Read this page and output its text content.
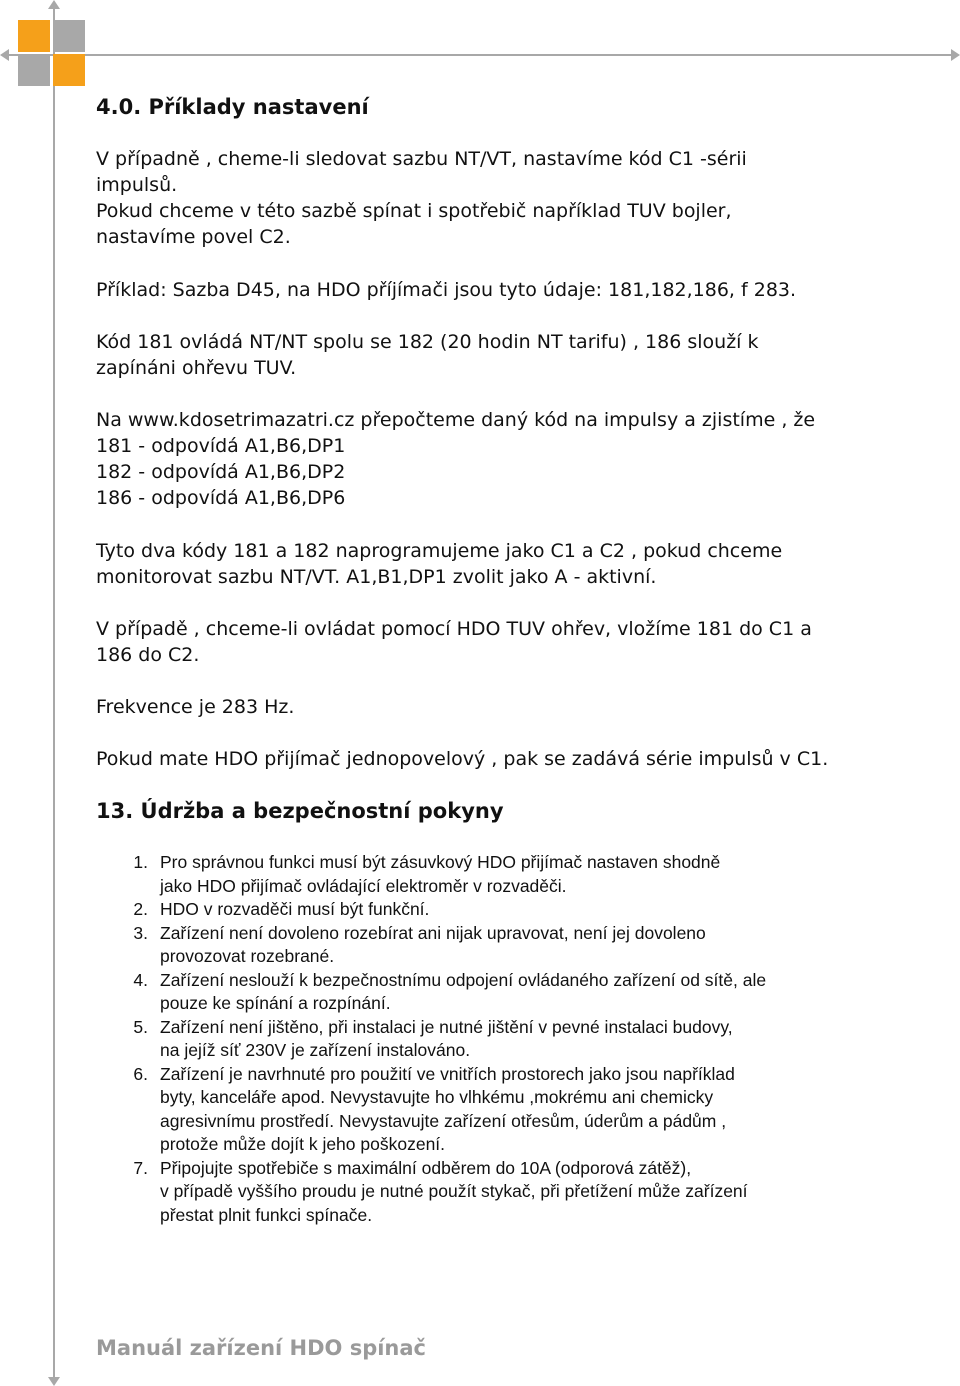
4.0. Příklady nastavení
V případně , cheme-li sledovat sazbu NT/VT, nastavíme kód C1 -sérii
impulsů.
Pokud chceme v této sazbě spínat i spotřebič například TUV bojler,
nastavíme povel C2.
Příklad: Sazba D45, na HDO příjímači jsou tyto údaje: 181,182,186, f 283.
Kód 181 ovládá NT/NT spolu se 182 (20 hodin NT tarifu) , 186 slouží k
zapínáni ohřevu TUV.
Na www.kdosetrimazatri.cz přepočteme daný kód na impulsy a zjistíme , že
181 - odpovídá A1,B6,DP1
182 - odpovídá A1,B6,DP2
186 - odpovídá A1,B6,DP6
Tyto dva kódy 181 a 182 naprogramujeme jako C1 a C2 , pokud chceme
monitorovat sazbu NT/VT. A1,B1,DP1 zvolit jako A - aktivní.
V případě , chceme-li ovládat pomocí HDO TUV ohřev, vložíme 181 do C1 a
186 do C2.
Frekvence je 283 Hz.
Pokud mate HDO přijímač jednopovelový , pak se zadává série impulsů v C1.
13. Údržba a bezpečnostní pokyny
1. Pro správnou funkci musí být zásuvkový HDO přijímač nastaven shodně
jako HDO přijímač ovládající elektroměr v rozvaděči.
2. HDO v rozvaděči musí být funkční.
3. Zařízení není dovoleno rozebírat ani nijak upravovat, není jej dovoleno
provozovat rozebrané.
4. Zařízení neslouží k bezpečnostnímu odpojení ovládaného zařízení od sítě, ale
pouze ke spínání a rozpínání.
5. Zařízení není jištěno, při instalaci je nutné jištění v pevné instalaci budovy,
na jejíž síť 230V je zařízení instalováno.
6. Zařízení je navrhnuté pro použití ve vnitřích prostorech jako jsou například
byty, kanceláře apod. Nevystavujte ho vlhkému ,mokrému ani chemicky
agresivnímu prostředí. Nevystavujte zařízení otřesům, úderům a pádům ,
protože může dojít k jeho poškození.
7. Připojujte spotřebiče s maximální odběrem do 10A (odporová zátěž),
v případě vyššího proudu je nutné použít stykač, při přetížení může zařízení
přestat plnit funkci spínače.
Manuál zařízení HDO spínač
